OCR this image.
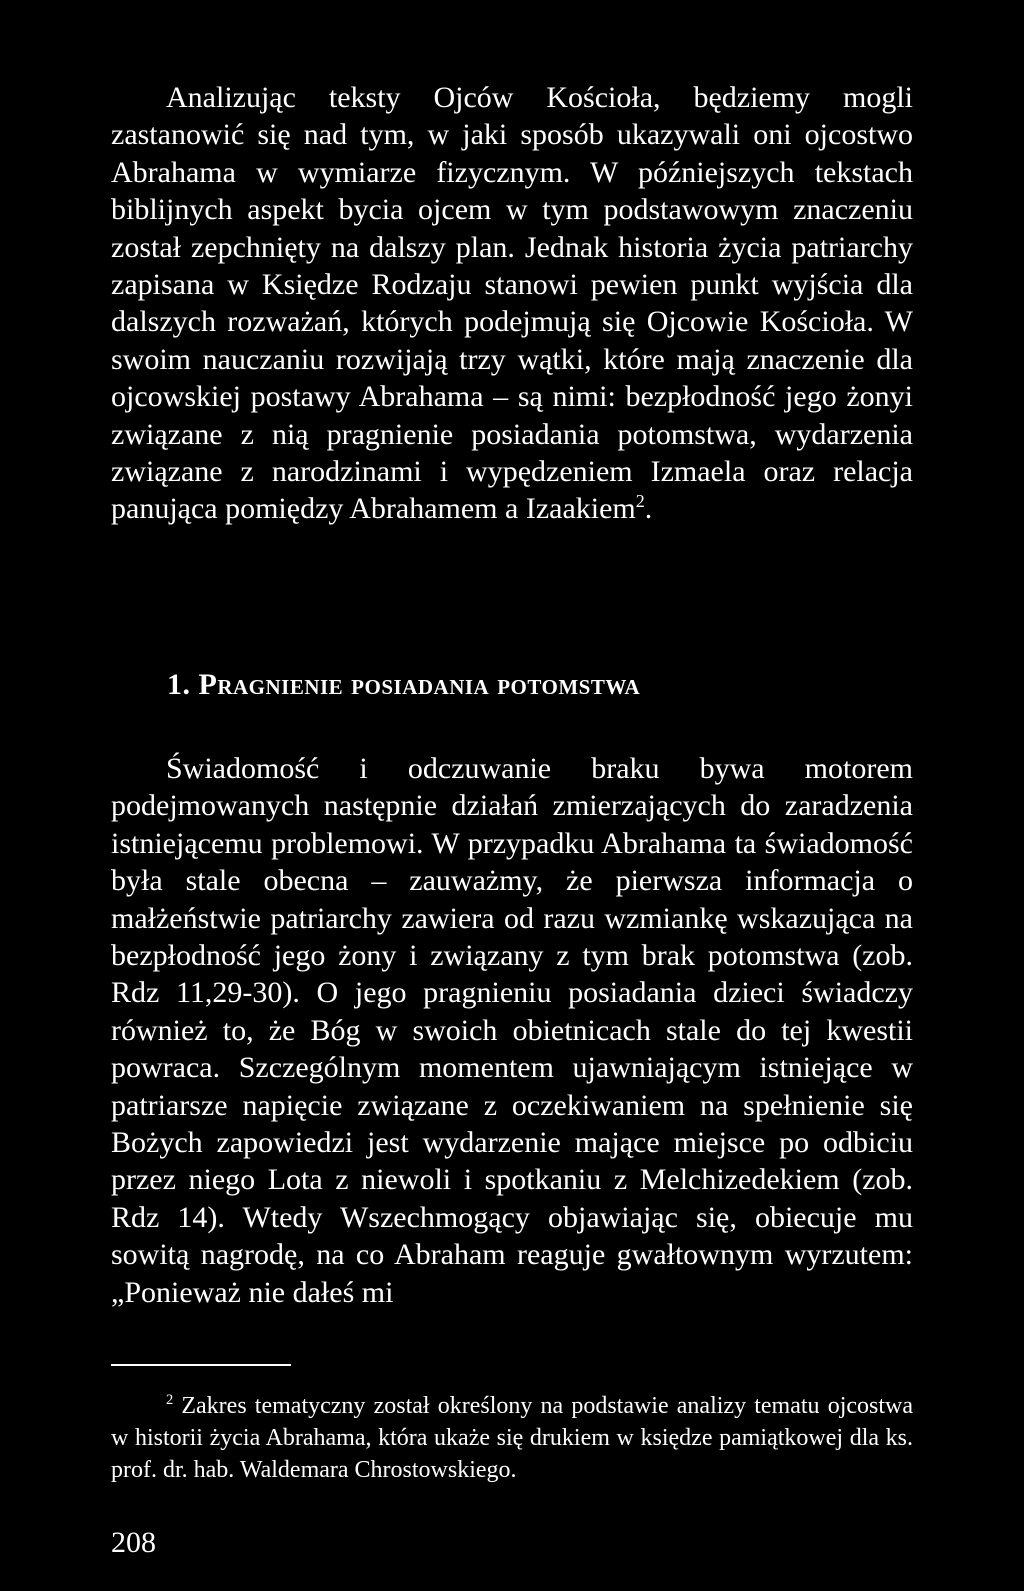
Analizując teksty Ojców Kościoła, będziemy mogli zastanowić się nad tym, w jaki sposób ukazywali oni ojcostwo Abrahama w wymiarze fizycznym. W późniejszych tekstach biblijnych aspekt bycia ojcem w tym podstawowym znaczeniu został zepchnięty na dalszy plan. Jednak historia życia patriarchy zapisana w Księdze Rodzaju stanowi pewien punkt wyjścia dla dalszych rozważań, których podejmują się Ojcowie Kościoła. W swoim nauczaniu rozwijają trzy wątki, które mają znaczenie dla ojcowskiej postawy Abrahama – są nimi: bezpłodność jego żonyi związane z nią pragnienie posiadania potomstwa, wydarzenia związane z narodzinami i wypędzeniem Izmaela oraz relacja panująca pomiędzy Abrahamem a Izaakiem$^2$.

1. Pragnienie posiadania potomstwa

Świadomość i odczuwanie braku bywa motorem podejmowanych następnie działań zmierzających do zaradzenia istniejącemu problemowi. W przypadku Abrahama ta świadomość była stale obecna – zauważmy, że pierwsza informacja o małżeństwie patriarchy zawiera od razu wzmiankę wskazująca na bezpłodność jego żony i związany z tym brak potomstwa (zob. Rdz 11,29-30). O jego pragnieniu posiadania dzieci świadczy również to, że Bóg w swoich obietnicach stale do tej kwestii powraca. Szczególnym momentem ujawniającym istniejące w patriarsze napięcie związane z oczekiwaniem na spełnienie się Bożych zapowiedzi jest wydarzenie mające miejsce po odbiciu przez niego Lota z niewoli i spotkaniu z Melchizedekiem (zob. Rdz 14). Wtedy Wszechmogący objawiając się, obiecuje mu sowitą nagrodę, na co Abraham reaguje gwałtownym wyrzutem: „Ponieważ nie dałeś mi

$^2$ Zakres tematyczny został określony na podstawie analizy tematu ojcostwa w historii życia Abrahama, która ukaże się drukiem w księdze pamiątkowej dla ks. prof. dr. hab. Waldemara Chrostowskiego.

208
